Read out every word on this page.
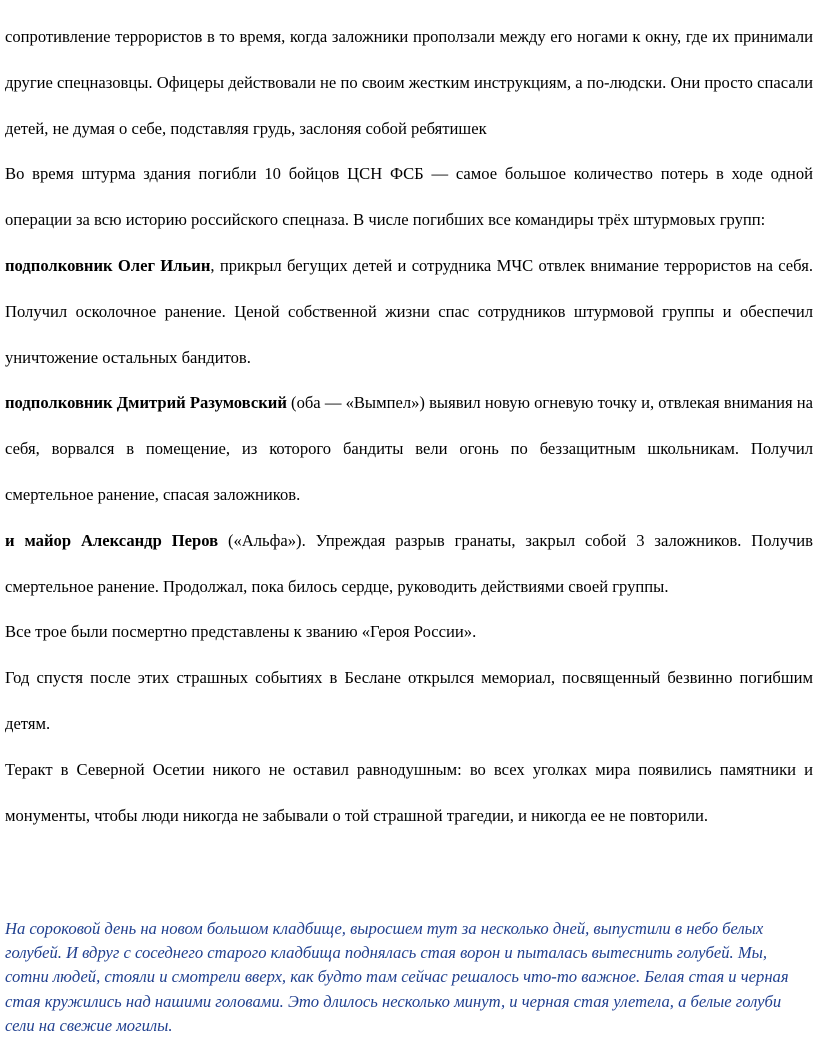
сопротивление террористов в то время, когда заложники проползали между его ногами к окну, где их принимали другие спецназовцы. Офицеры действовали не по своим жестким инструкциям, а по-людски. Они просто спасали детей, не думая о себе, подставляя грудь, заслоняя собой ребятишек

Во время штурма здания погибли 10 бойцов ЦСН ФСБ — самое большое количество потерь в ходе одной операции за всю историю российского спецназа. В числе погибших все командиры трёх штурмовых групп:

подполковник Олег Ильин, прикрыл бегущих детей и сотрудника МЧС отвлек внимание террористов на себя. Получил осколочное ранение. Ценой собственной жизни спас сотрудников штурмовой группы и обеспечил уничтожение остальных бандитов.

подполковник Дмитрий Разумовский (оба — «Вымпел») выявил новую огневую точку и, отвлекая внимания на себя, ворвался в помещение, из которого бандиты вели огонь по беззащитным школьникам. Получил смертельное ранение, спасая заложников.

и майор Александр Перов («Альфа»). Упреждая разрыв гранаты, закрыл собой 3 заложников. Получив смертельное ранение. Продолжал, пока билось сердце, руководить действиями своей группы.

Все трое были посмертно представлены к званию «Героя России».

Год спустя после этих страшных событиях в Беслане открылся мемориал, посвященный безвинно погибшим детям.

Теракт в Северной Осетии никого не оставил равнодушным: во всех уголках мира появились памятники и монументы, чтобы люди никогда не забывали о той страшной трагедии, и никогда ее не повторили.

На сороковой день на новом большом кладбище, выросшем тут за несколько дней, выпустили в небо белых голубей. И вдруг с соседнего старого кладбища поднялась стая ворон и пыталась вытеснить голубей. Мы, сотни людей, стояли и смотрели вверх, как будто там сейчас решалось что-то важное. Белая стая и черная стая кружились над нашими головами. Это длилось несколько минут, и черная стая улетела, а белые голуби сели на свежие могилы.
